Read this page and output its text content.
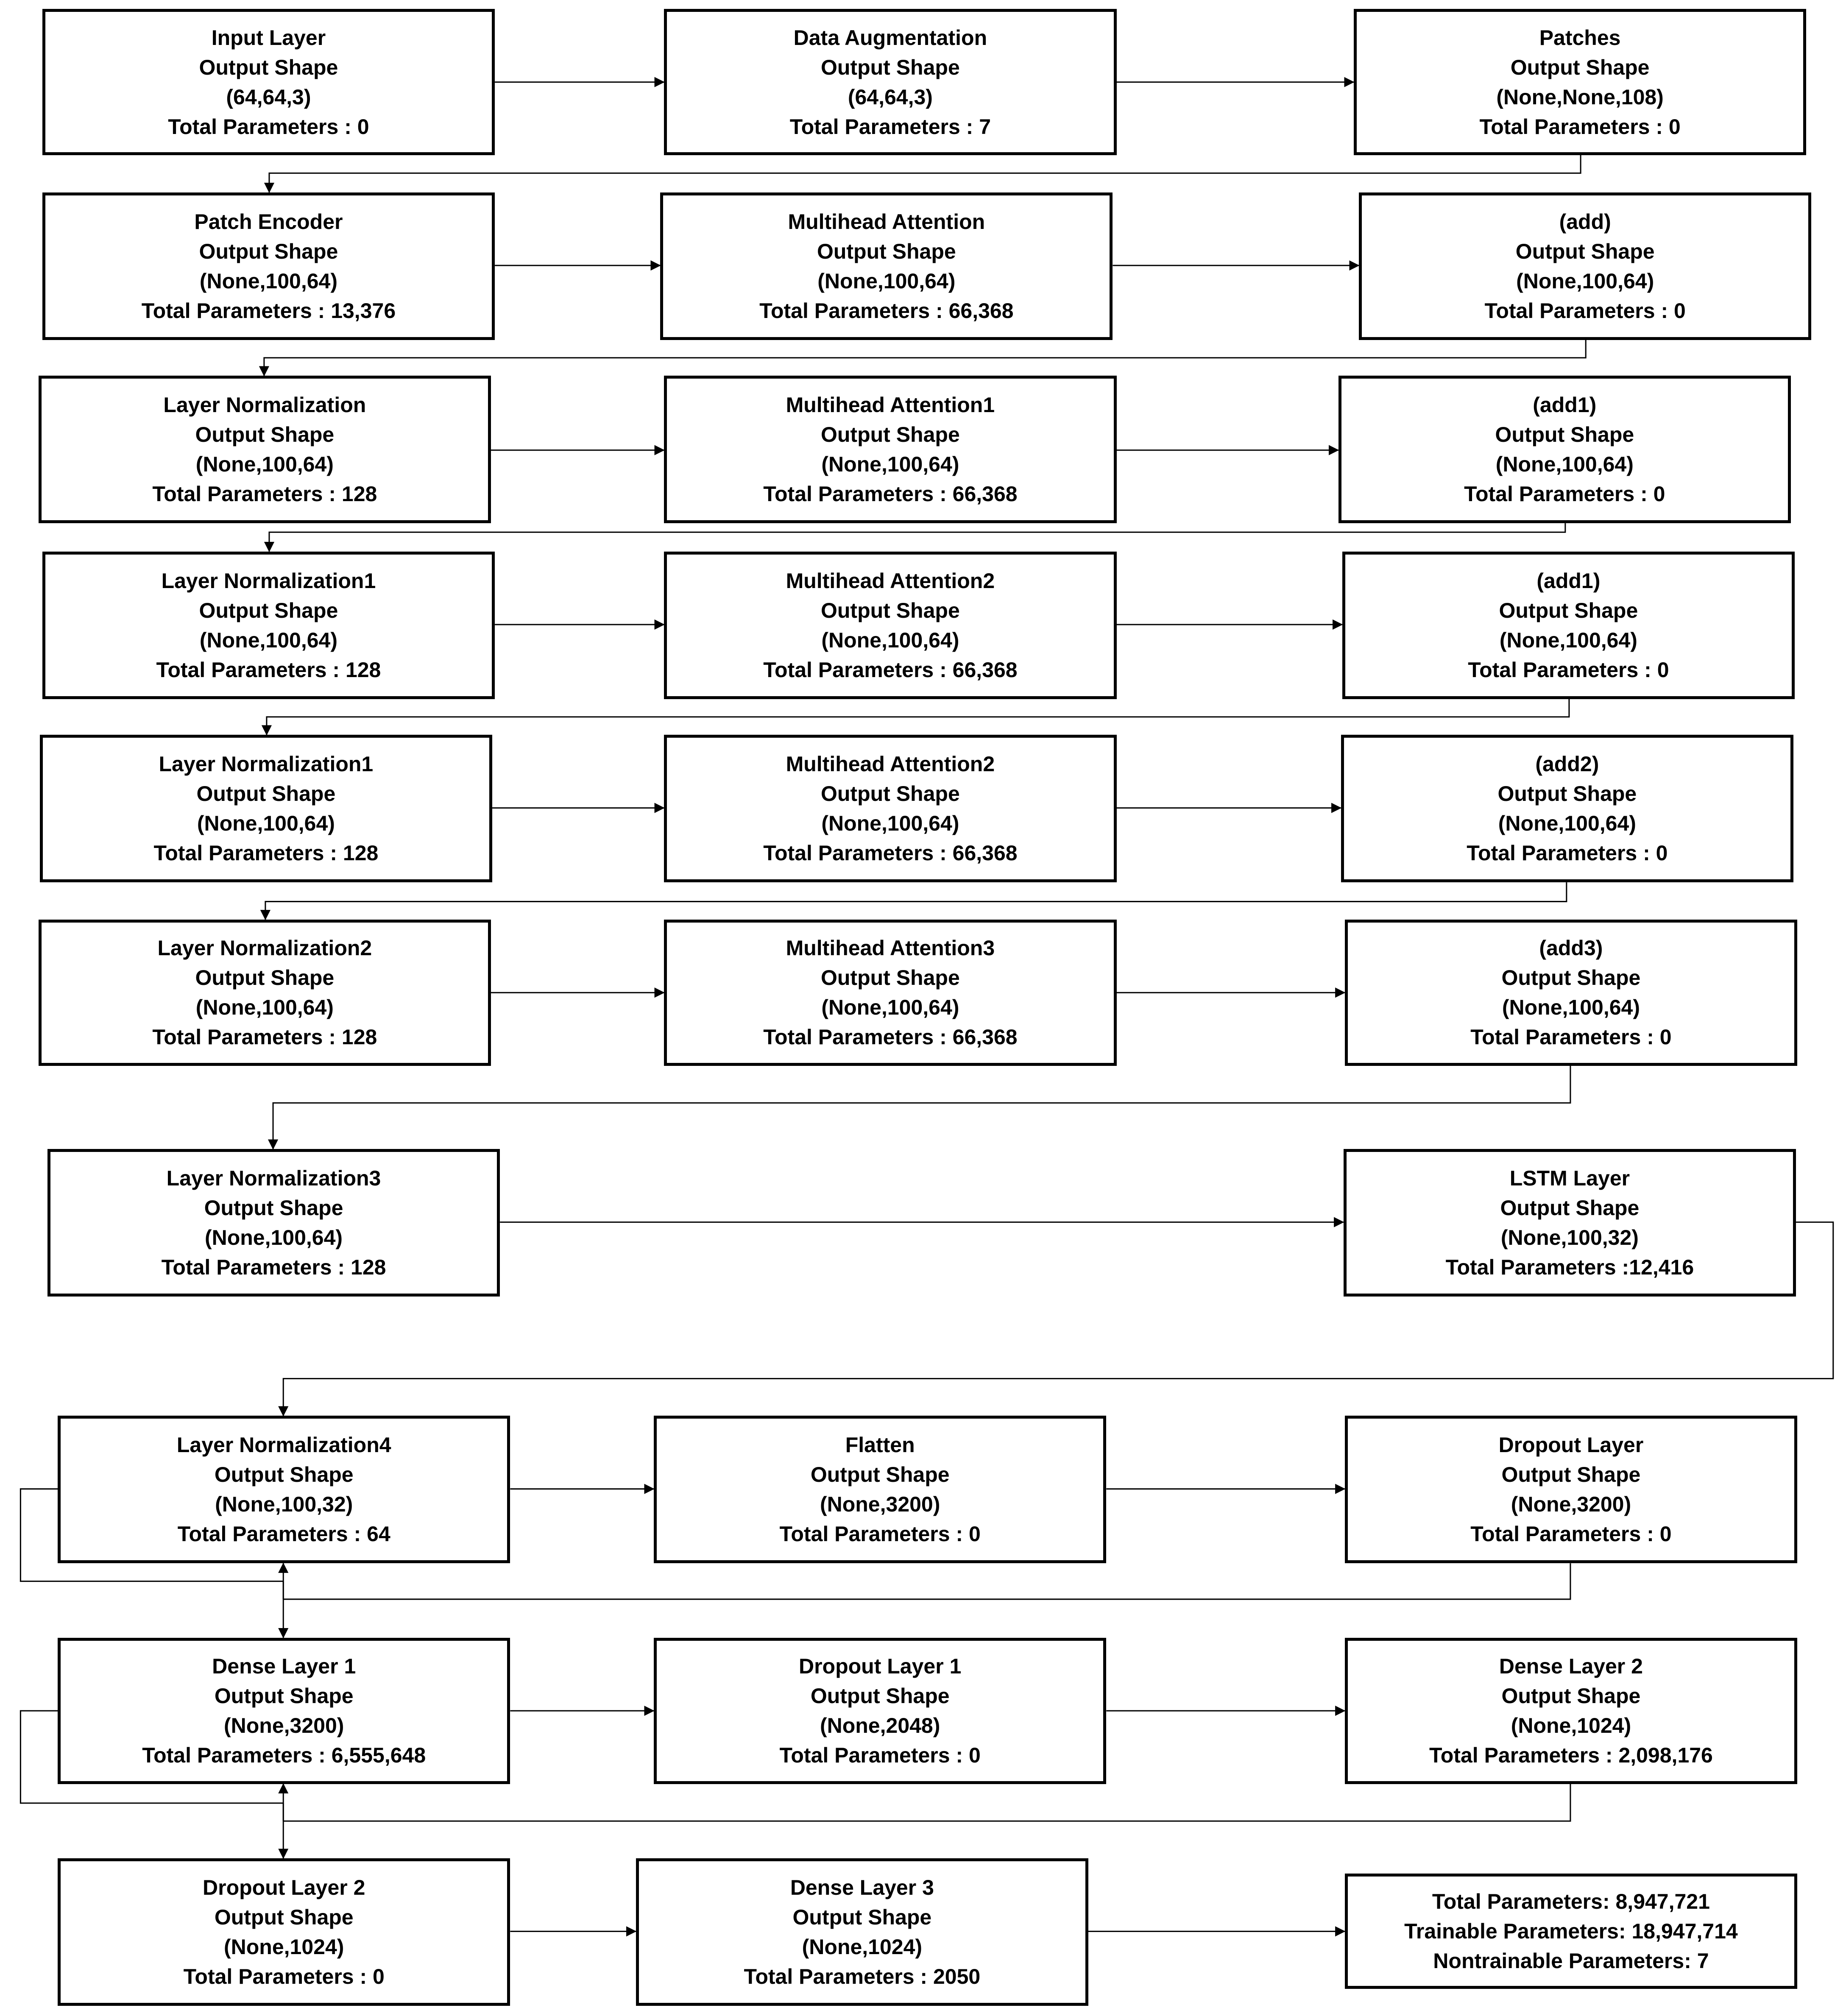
Input Layer
Output Shape
(64,64,3)
Total Parameters : 0
Data Augmentation
Output Shape
(64,64,3)
Total Parameters : 7
Patches
Output Shape
(None,None,108)
Total Parameters : 0
Patch Encoder
Output Shape
(None,100,64)
Total Parameters : 13,376
Multihead Attention
Output Shape
(None,100,64)
Total Parameters : 66,368
(add)
Output Shape
(None,100,64)
Total Parameters : 0
Layer Normalization
Output Shape
(None,100,64)
Total Parameters : 128
Multihead Attention1
Output Shape
(None,100,64)
Total Parameters : 66,368
(add1)
Output Shape
(None,100,64)
Total Parameters : 0
Layer Normalization1
Output Shape
(None,100,64)
Total Parameters : 128
Multihead Attention2
Output Shape
(None,100,64)
Total Parameters : 66,368
(add1)
Output Shape
(None,100,64)
Total Parameters : 0
Layer Normalization1
Output Shape
(None,100,64)
Total Parameters : 128
Multihead Attention2
Output Shape
(None,100,64)
Total Parameters : 66,368
(add2)
Output Shape
(None,100,64)
Total Parameters : 0
Layer Normalization2
Output Shape
(None,100,64)
Total Parameters : 128
Multihead Attention3
Output Shape
(None,100,64)
Total Parameters : 66,368
(add3)
Output Shape
(None,100,64)
Total Parameters : 0
Layer Normalization3
Output Shape
(None,100,64)
Total Parameters : 128
LSTM Layer
Output Shape
(None,100,32)
Total Parameters :12,416
Layer Normalization4
Output Shape
(None,100,32)
Total Parameters : 64
Flatten
Output Shape
(None,3200)
Total Parameters : 0
Dropout Layer
Output Shape
(None,3200)
Total Parameters : 0
Dense Layer 1
Output Shape
(None,3200)
Total Parameters : 6,555,648
Dropout Layer 1
Output Shape
(None,2048)
Total Parameters : 0
Dense Layer 2
Output Shape
(None,1024)
Total Parameters : 2,098,176
Dropout Layer 2
Output Shape
(None,1024)
Total Parameters : 0
Dense Layer 3
Output Shape
(None,1024)
Total Parameters : 2050
Total Parameters: 8,947,721
Trainable Parameters: 18,947,714
Nontrainable Parameters: 7
